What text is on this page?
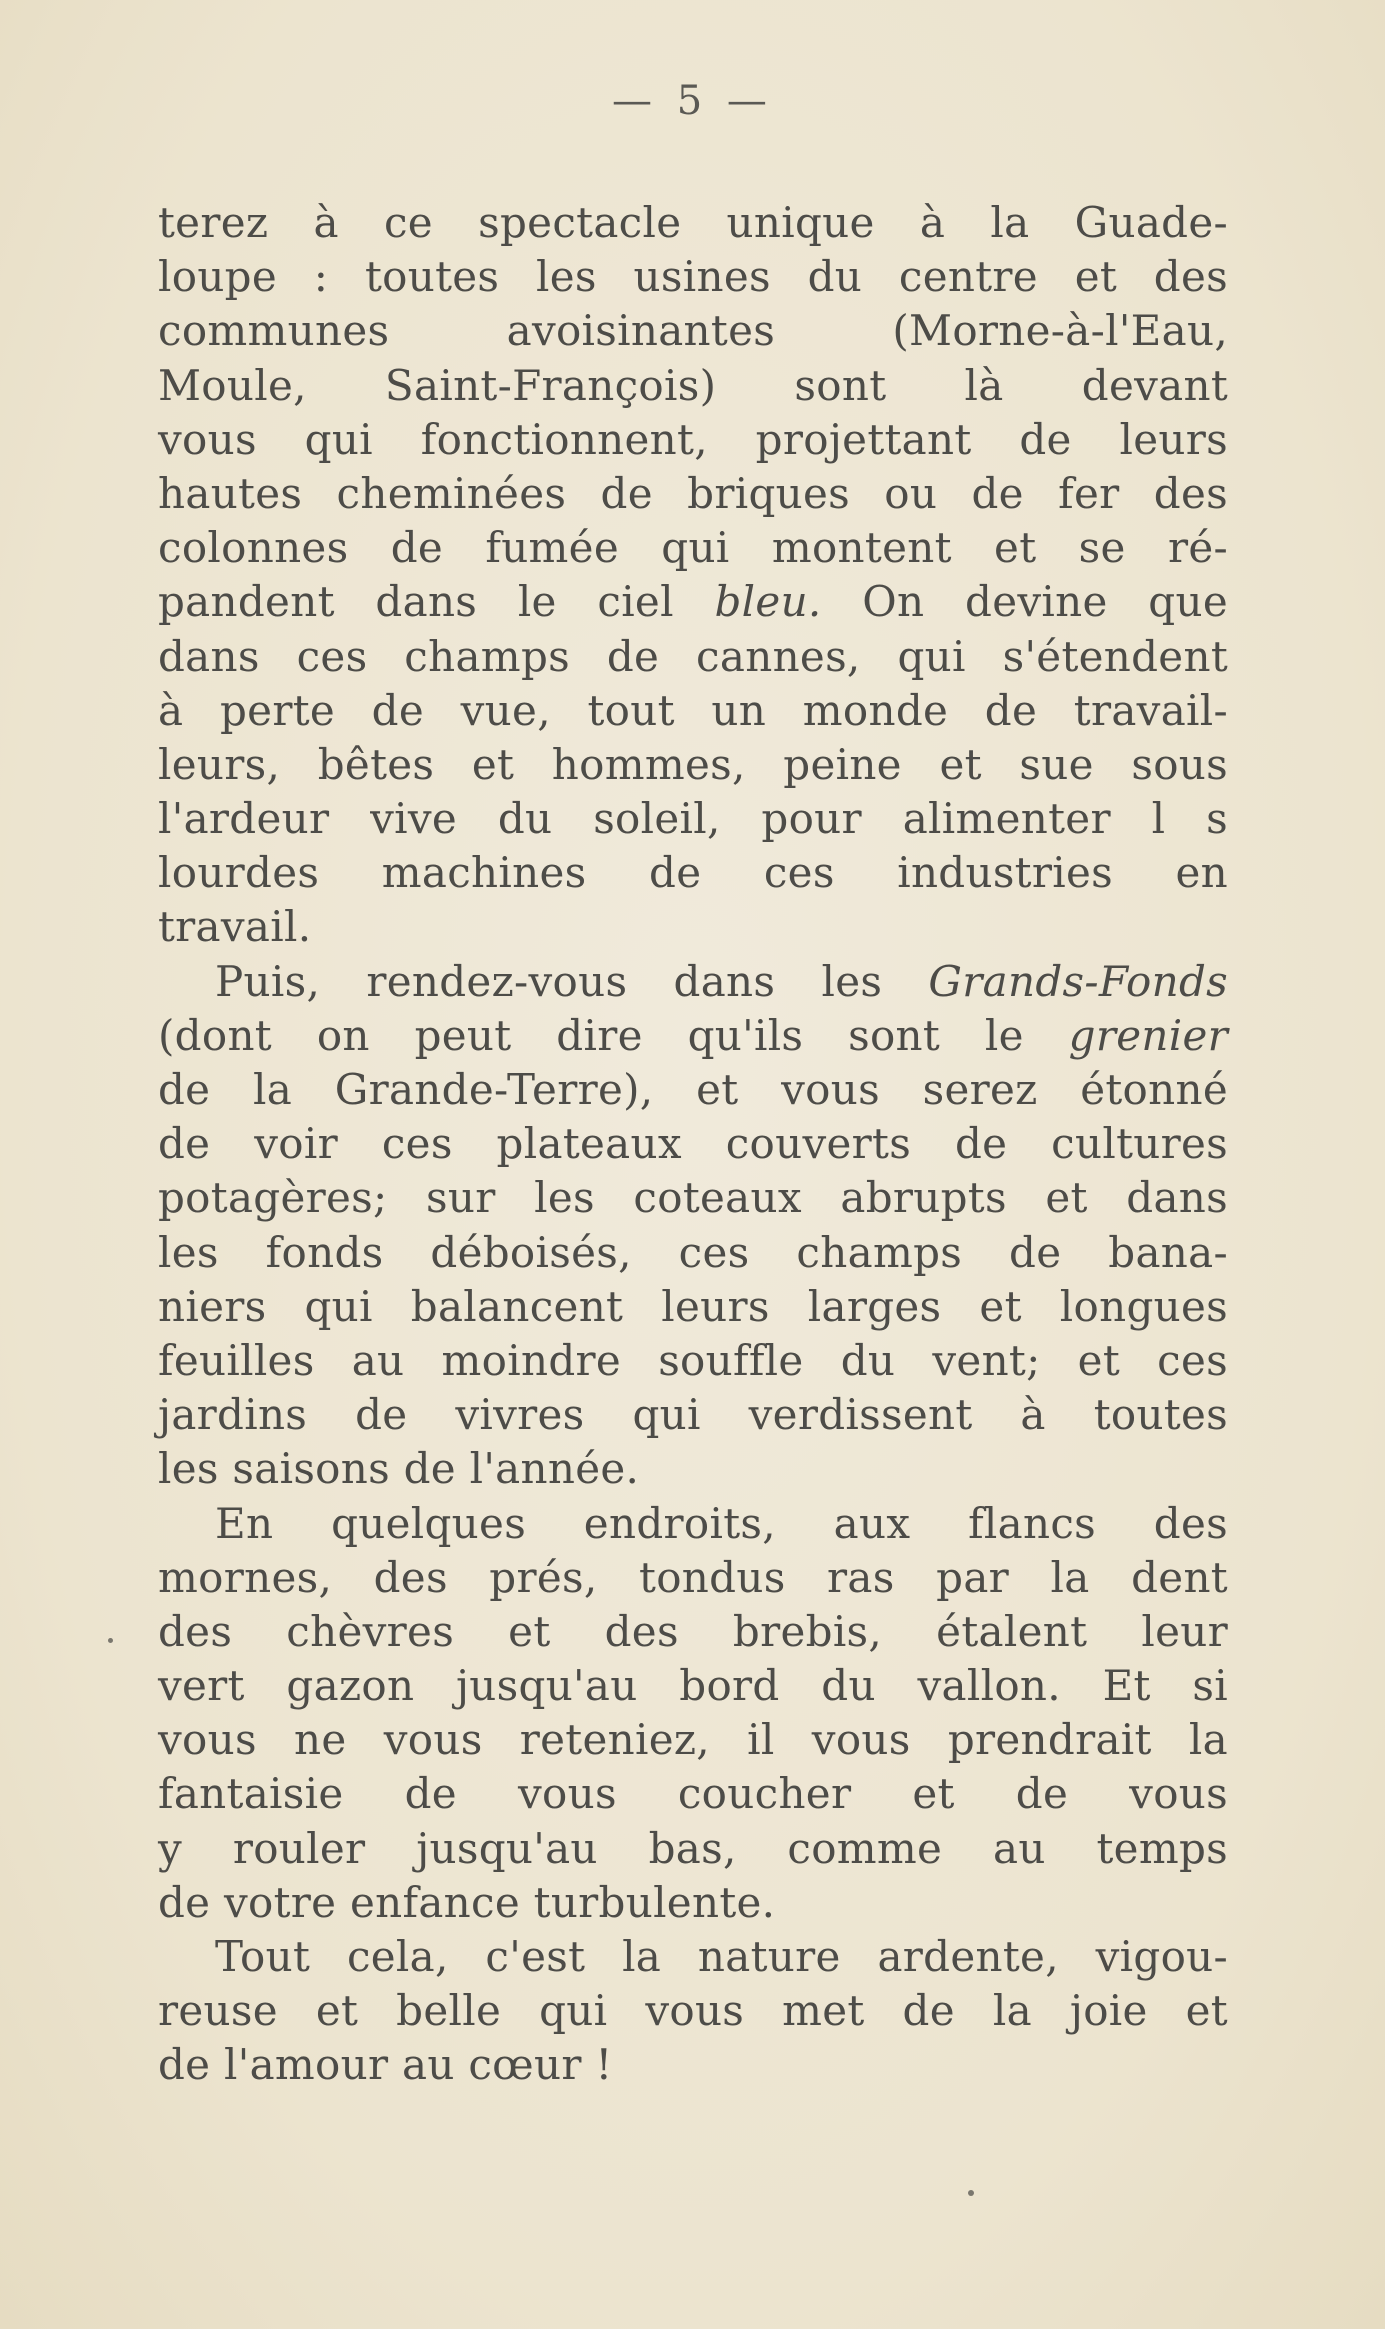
— 5 —
terez à ce spectacle unique à la Guade-
loupe : toutes les usines du centre et des
communes avoisinantes (Morne-à-l'Eau,
Moule, Saint-François) sont là devant
vous qui fonctionnent, projettant de leurs
hautes cheminées de briques ou de fer des
colonnes de fumée qui montent et se ré-
pandent dans le ciel bleu. On devine que
dans ces champs de cannes, qui s'étendent
à perte de vue, tout un monde de travail-
leurs, bêtes et hommes, peine et sue sous
l'ardeur vive du soleil, pour alimenter l s
lourdes machines de ces industries en
travail.
Puis, rendez-vous dans les Grands-Fonds
(dont on peut dire qu'ils sont le grenier
de la Grande-Terre), et vous serez étonné
de voir ces plateaux couverts de cultures
potagères; sur les coteaux abrupts et dans
les fonds déboisés, ces champs de bana-
niers qui balancent leurs larges et longues
feuilles au moindre souffle du vent; et ces
jardins de vivres qui verdissent à toutes
les saisons de l'année.
En quelques endroits, aux flancs des
mornes, des prés, tondus ras par la dent
des chèvres et des brebis, étalent leur
vert gazon jusqu'au bord du vallon. Et si
vous ne vous reteniez, il vous prendrait la
fantaisie de vous coucher et de vous
y rouler jusqu'au bas, comme au temps
de votre enfance turbulente.
Tout cela, c'est la nature ardente, vigou-
reuse et belle qui vous met de la joie et
de l'amour au cœur !
